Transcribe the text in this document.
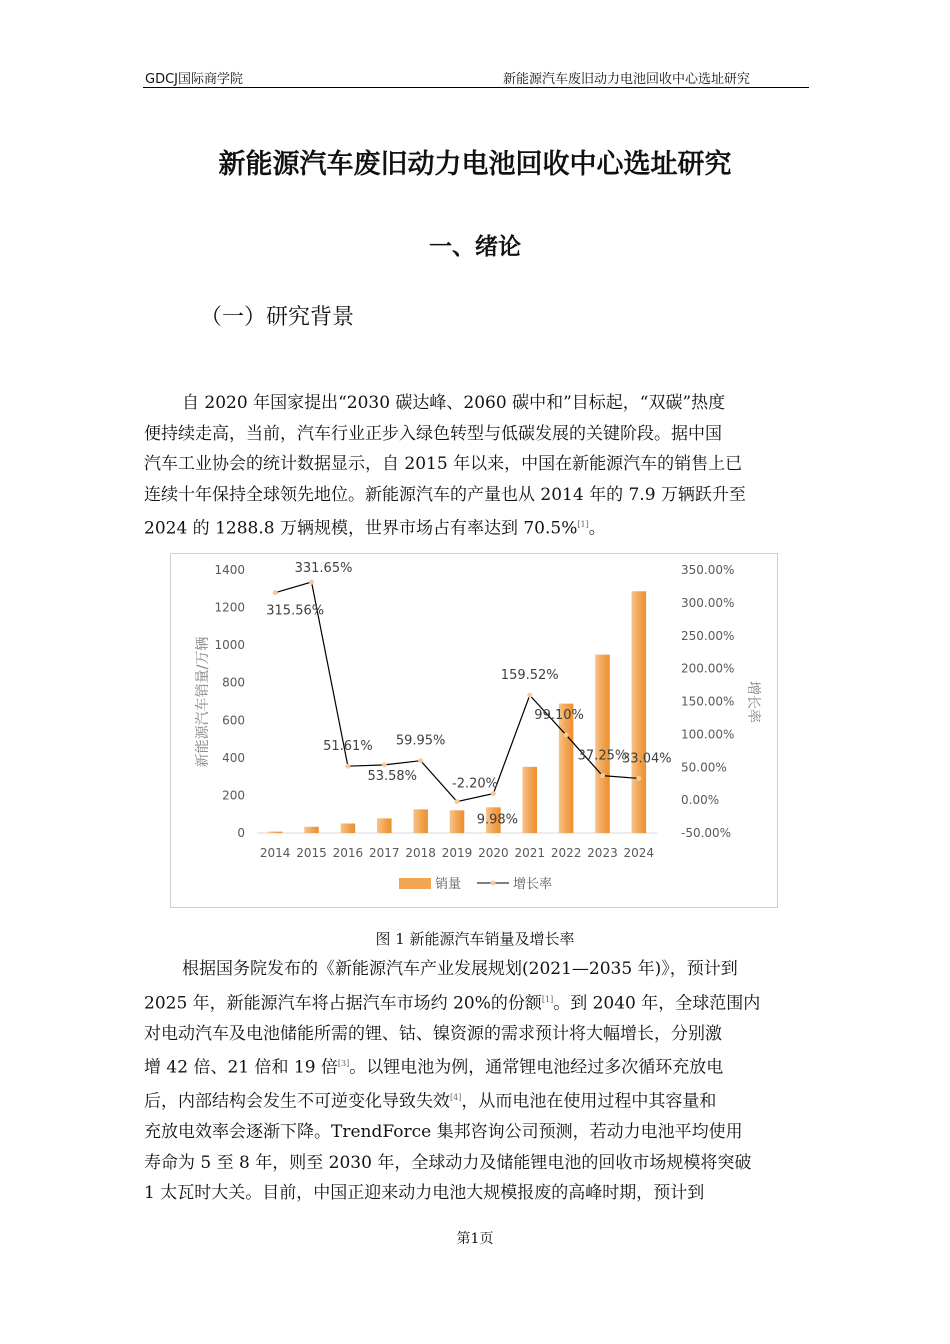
GDCJ国际商学院	新能源汽车废旧动力电池回收中心选址研究
新能源汽车废旧动力电池回收中心选址研究
一、绪论
（一）研究背景

自 2020 年国家提出“2030 碳达峰、2060 碳中和”目标起，“双碳”热度

便持续走高，当前，汽车行业正步入绿色转型与低碳发展的关键阶段。据中国

汽车工业协会的统计数据显示，自 2015 年以来，中国在新能源汽车的销售上已

连续十年保持全球领先地位。新能源汽车的产量也从 2014 年的 7.9 万辆跃升至

2024 的 1288.8 万辆规模，世界市场占有率达到 70.5%[1]。

0
200
400
600
800
1000
1200
1400
-50.00%
0.00%
50.00%
100.00%
150.00%
200.00%
250.00%
300.00%
350.00%
2014 2015 2016 2017 2018 2019 2020 2021 2022 2023 2024
315.56%
331.65%
51.61%
53.58%
59.95%
-2.20%
9.98%
159.52%
99.10%
37.25%
33.04%
新能源汽车销量/万辆	增长率
销量	增长率
图 1 新能源汽车销量及增长率

根据国务院发布的《新能源汽车产业发展规划(2021—2035 年)》，预计到

2025 年，新能源汽车将占据汽车市场约 20%的份额[1]。到 2040 年，全球范围内

对电动汽车及电池储能所需的锂、钴、镍资源的需求预计将大幅增长，分别激

增 42 倍、21 倍和 19 倍[3]。以锂电池为例，通常锂电池经过多次循环充放电

后，内部结构会发生不可逆变化导致失效[4]，从而电池在使用过程中其容量和

充放电效率会逐渐下降。TrendForce 集邦咨询公司预测，若动力电池平均使用

寿命为 5 至 8 年，则至 2030 年，全球动力及储能锂电池的回收市场规模将突破

1 太瓦时大关。目前，中国正迎来动力电池大规模报废的高峰时期，预计到

第1页
